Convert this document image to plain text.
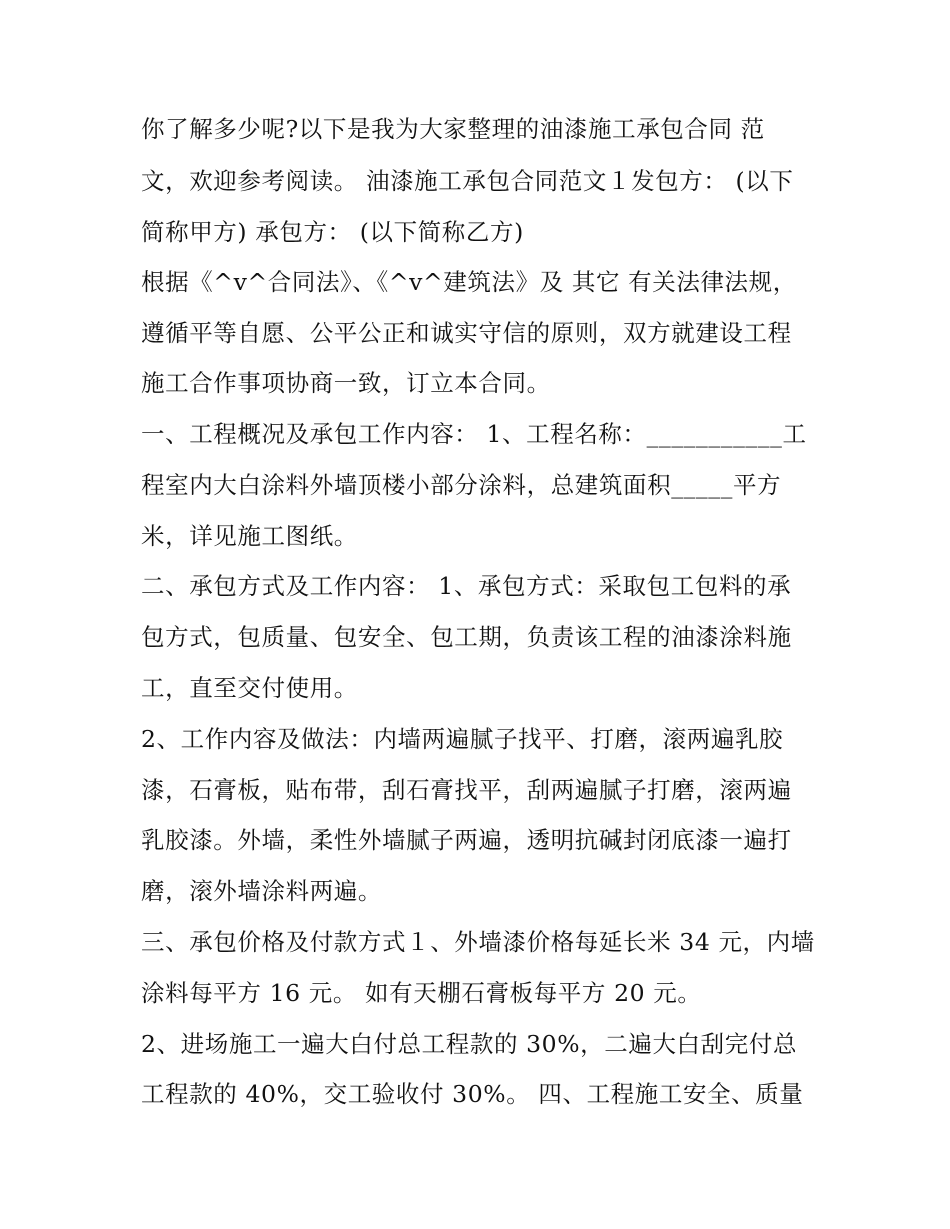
你了解多少呢?以下是我为大家整理的油漆施工承包合同 范
文，欢迎参考阅读。 油漆施工承包合同范文１发包方： (以下
简称甲方) 承包方： (以下简称乙方)
根据《^v^合同法》、《^v^建筑法》及 其它 有关法律法规，
遵循平等自愿、公平公正和诚实守信的原则，双方就建设工程
施工合作事项协商一致，订立本合同。
一、工程概况及承包工作内容： 1、工程名称：___________工
程室内大白涂料外墙顶楼小部分涂料，总建筑面积_____平方
米，详见施工图纸。
二、承包方式及工作内容： 1、承包方式：采取包工包料的承
包方式，包质量、包安全、包工期，负责该工程的油漆涂料施
工，直至交付使用。
2、工作内容及做法：内墙两遍腻子找平、打磨，滚两遍乳胶
漆，石膏板，贴布带，刮石膏找平，刮两遍腻子打磨，滚两遍
乳胶漆。外墙，柔性外墙腻子两遍，透明抗碱封闭底漆一遍打
磨，滚外墙涂料两遍。
三、承包价格及付款方式１、外墙漆价格每延长米 34 元，内墙
涂料每平方 16 元。 如有天棚石膏板每平方 20 元。
2、进场施工一遍大白付总工程款的 30%，二遍大白刮完付总
工程款的 40%，交工验收付 30%。 四、工程施工安全、质量
